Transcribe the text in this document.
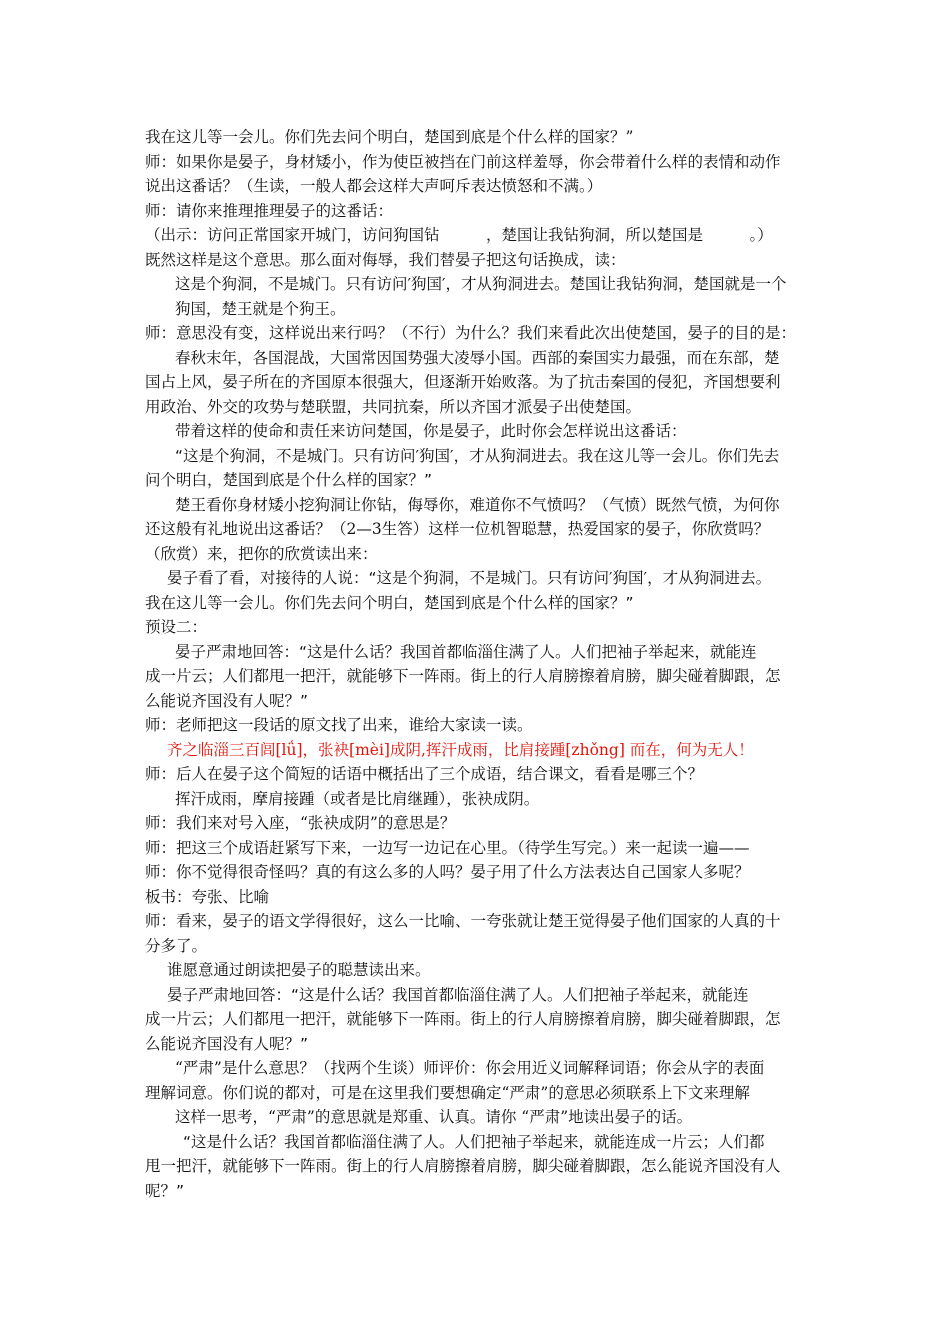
我在这儿等一会儿。你们先去问个明白，楚国到底是个什么样的国家？”
师：如果你是晏子，身材矮小，作为使臣被挡在门前这样羞辱，你会带着什么样的表情和动作
说出这番话？（生读，一般人都会这样大声呵斥表达愤怒和不满。）
师：请你来推理推理晏子的这番话：
（出示：访问正常国家开城门，访问狗国钻　　　，楚国让我钻狗洞，所以楚国是　　　。）
既然这样是这个意思。那么面对侮辱，我们替晏子把这句话换成，读：
这是个狗洞，不是城门。只有访问′狗国′，才从狗洞进去。楚国让我钻狗洞，楚国就是一个
狗国，楚王就是个狗王。
师：意思没有变，这样说出来行吗？（不行）为什么？我们来看此次出使楚国，晏子的目的是：
春秋末年，各国混战，大国常因国势强大凌辱小国。西部的秦国实力最强，而在东部，楚
国占上风，晏子所在的齐国原本很强大，但逐渐开始败落。为了抗击秦国的侵犯，齐国想要利
用政治、外交的攻势与楚联盟，共同抗秦，所以齐国才派晏子出使楚国。
带着这样的使命和责任来访问楚国，你是晏子，此时你会怎样说出这番话：
“这是个狗洞，不是城门。只有访问′狗国′，才从狗洞进去。我在这儿等一会儿。你们先去
问个明白，楚国到底是个什么样的国家？”
楚王看你身材矮小挖狗洞让你钻，侮辱你，难道你不气愤吗？（气愤）既然气愤，为何你
还这般有礼地说出这番话？（2—3生答）这样一位机智聪慧，热爱国家的晏子，你欣赏吗？
（欣赏）来，把你的欣赏读出来：
晏子看了看，对接待的人说：“这是个狗洞，不是城门。只有访问′狗国′，才从狗洞进去。
我在这儿等一会儿。你们先去问个明白，楚国到底是个什么样的国家？”
预设二：
晏子严肃地回答：“这是什么话？我国首都临淄住满了人。人们把袖子举起来，就能连
成一片云；人们都甩一把汗，就能够下一阵雨。街上的行人肩膀擦着肩膀，脚尖碰着脚跟，怎
么能说齐国没有人呢？”
师：老师把这一段话的原文找了出来，谁给大家读一读。
齐之临淄三百闾[lǘ]，张袂[mèi]成阴,挥汗成雨，比肩接踵[zhǒng] 而在，何为无人！
师：后人在晏子这个简短的话语中概括出了三个成语，结合课文，看看是哪三个？
挥汗成雨，摩肩接踵（或者是比肩继踵），张袂成阴。
师：我们来对号入座，“张袂成阴”的意思是？
师：把这三个成语赶紧写下来，一边写一边记在心里。（待学生写完。）来一起读一遍——
师：你不觉得很奇怪吗？真的有这么多的人吗？晏子用了什么方法表达自己国家人多呢？
板书：夸张、比喻
师：看来，晏子的语文学得很好，这么一比喻、一夸张就让楚王觉得晏子他们国家的人真的十
分多了。
谁愿意通过朗读把晏子的聪慧读出来。
晏子严肃地回答：“这是什么话？我国首都临淄住满了人。人们把袖子举起来，就能连
成一片云；人们都甩一把汗，就能够下一阵雨。街上的行人肩膀擦着肩膀，脚尖碰着脚跟，怎
么能说齐国没有人呢？”
“严肃”是什么意思？（找两个生谈）师评价：你会用近义词解释词语；你会从字的表面
理解词意。你们说的都对，可是在这里我们要想确定“严肃”的意思必须联系上下文来理解
这样一思考，“严肃”的意思就是郑重、认真。请你 “严肃”地读出晏子的话。
“这是什么话？我国首都临淄住满了人。人们把袖子举起来，就能连成一片云；人们都
甩一把汗，就能够下一阵雨。街上的行人肩膀擦着肩膀，脚尖碰着脚跟，怎么能说齐国没有人
呢？”
